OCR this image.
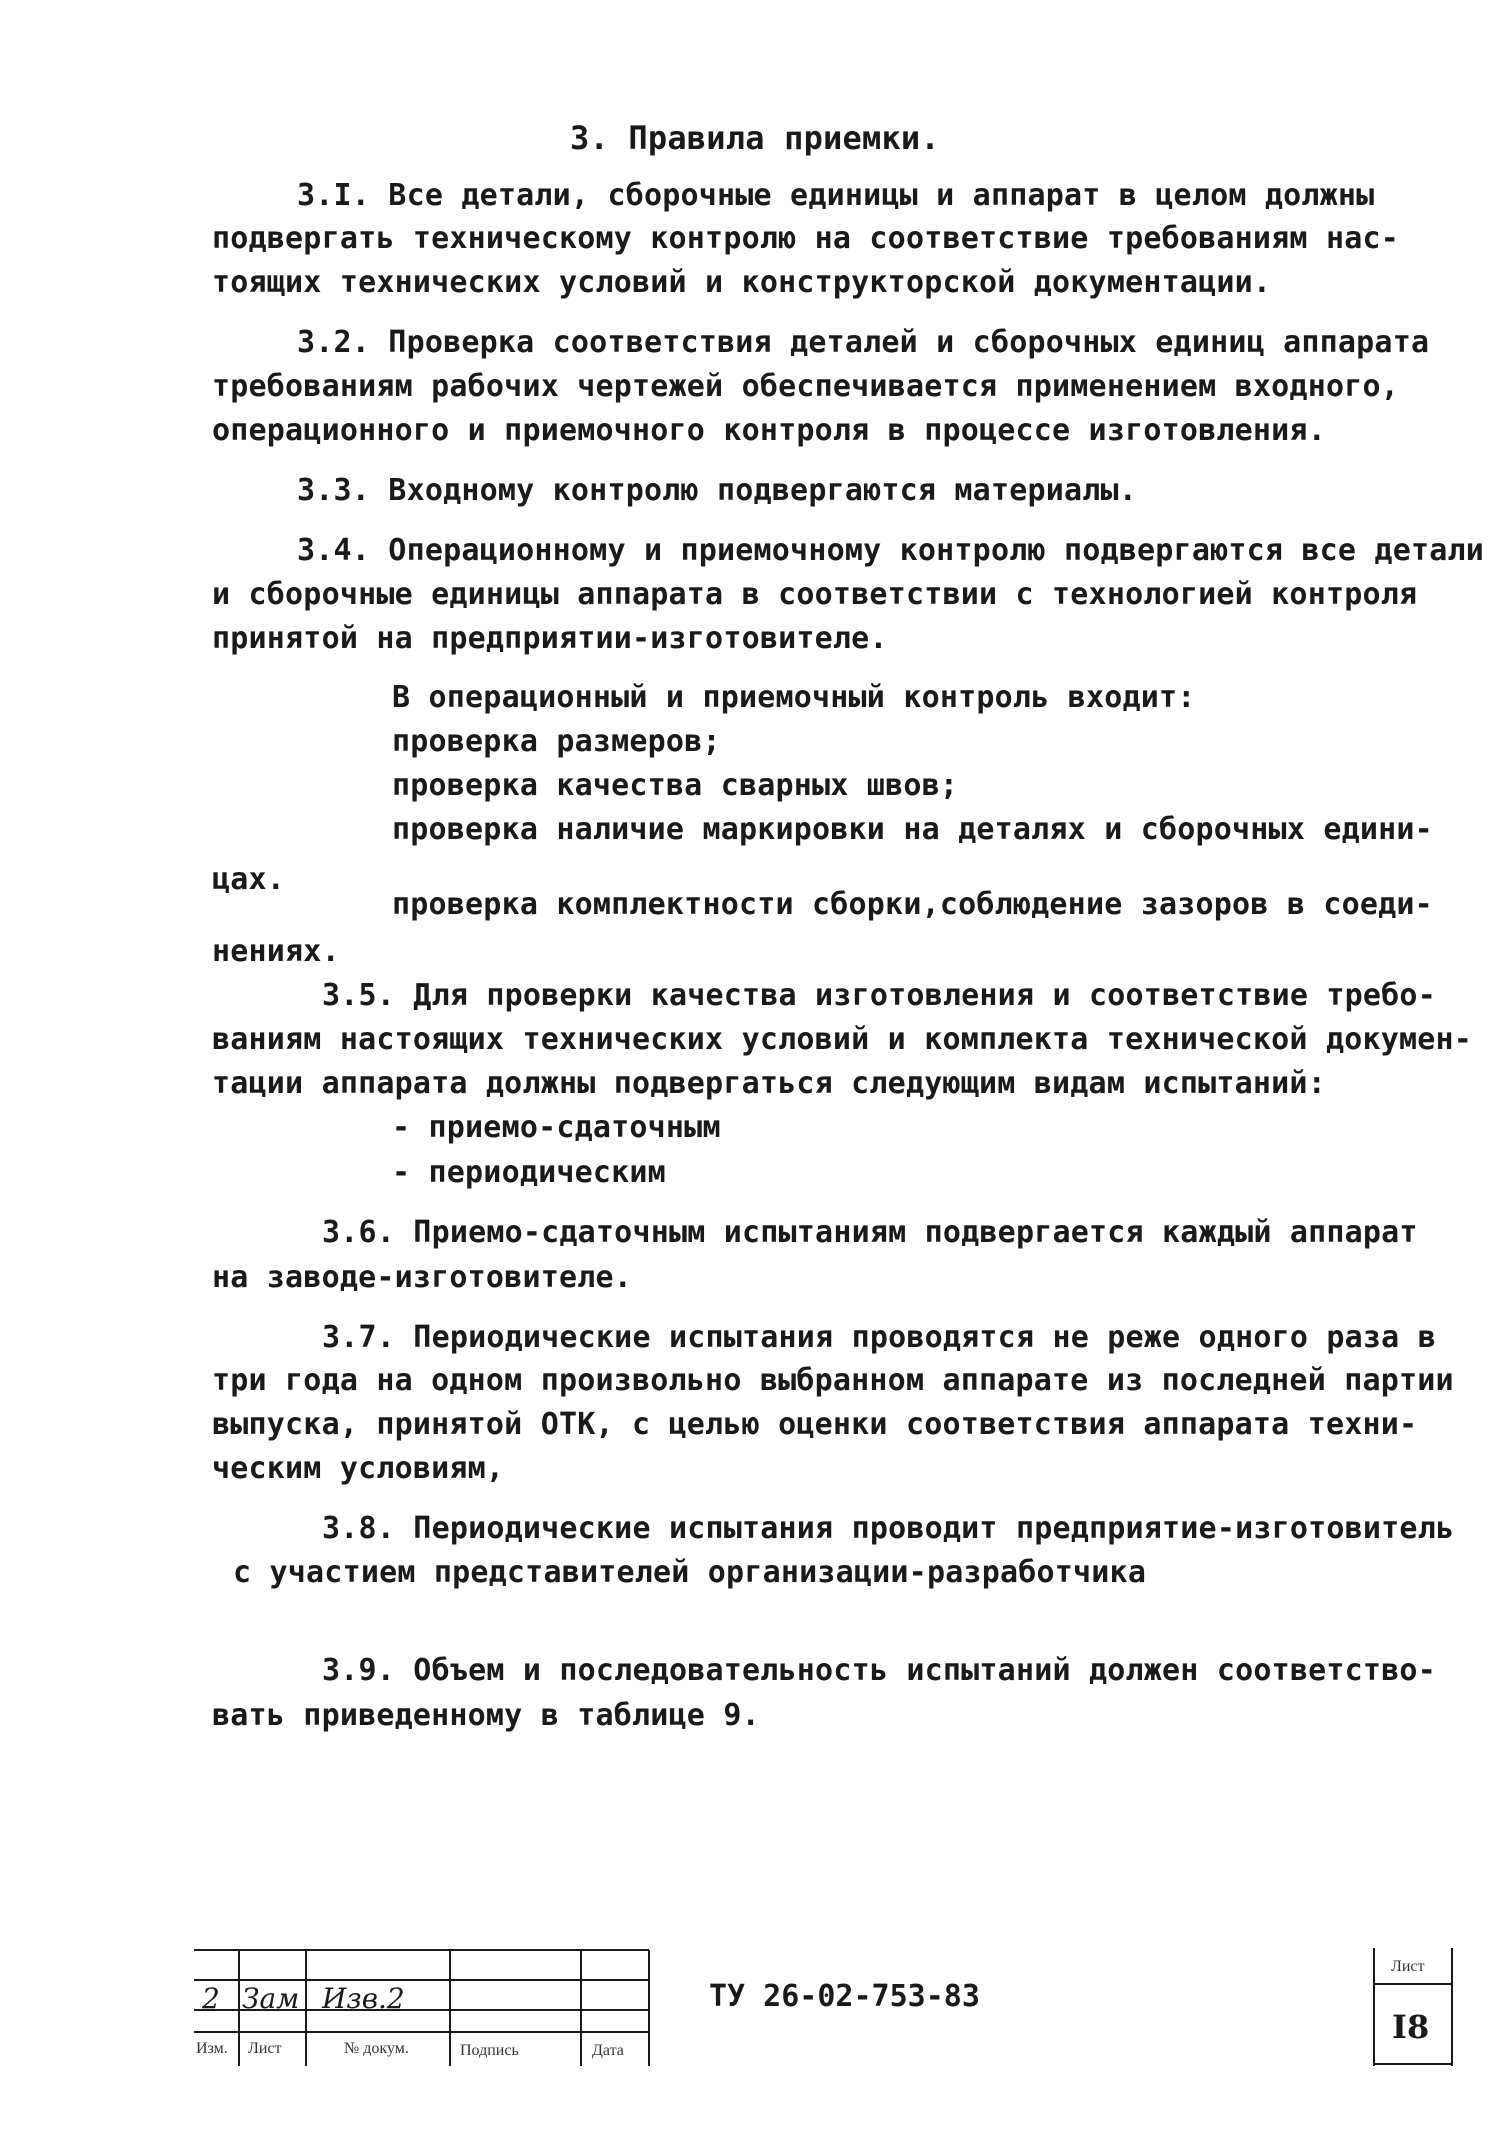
3. Правила приемки.
3.I. Все детали, сборочные единицы и аппарат в целом должны
подвергать техническому контролю на соответствие требованиям нас-
тоящих технических условий и конструкторской документации.
3.2. Проверка соответствия деталей и сборочных единиц аппарата
требованиям рабочих чертежей обеспечивается применением входного,
операционного и приемочного контроля в процессе изготовления.
3.3. Входному контролю подвергаются материалы.
3.4. Операционному и приемочному контролю подвергаются все детали
и сборочные единицы аппарата в соответствии с технологией контроля
принятой на предприятии-изготовителе.
В операционный и приемочный контроль входит:
проверка размеров;
проверка качества сварных швов;
проверка наличие маркировки на деталях и сборочных едини-
цах.
проверка комплектности сборки,соблюдение зазоров в соеди-
нениях.
3.5. Для проверки качества изготовления и соответствие требо-
ваниям настоящих технических условий и комплекта технической докумен-
тации аппарата должны подвергаться следующим видам испытаний:
- приемо-сдаточным
- периодическим
3.6. Приемо-сдаточным испытаниям подвергается каждый аппарат
на заводе-изготовителе.
3.7. Периодические испытания проводятся не реже одного раза в
три года на одном произвольно выбранном аппарате из последней партии
выпуска, принятой ОТК, с целью оценки соответствия аппарата техни-
ческим условиям,
3.8. Периодические испытания проводит предприятие-изготовитель
с участием представителей организации-разработчика
3.9. Объем и последовательность испытаний должен соответство-
вать приведенному в таблице 9.
2 Зам Изв.2
Изм. Лист	№ докум.	Подпись	Дата
ТУ 26-02-753-83
Лист
I8
